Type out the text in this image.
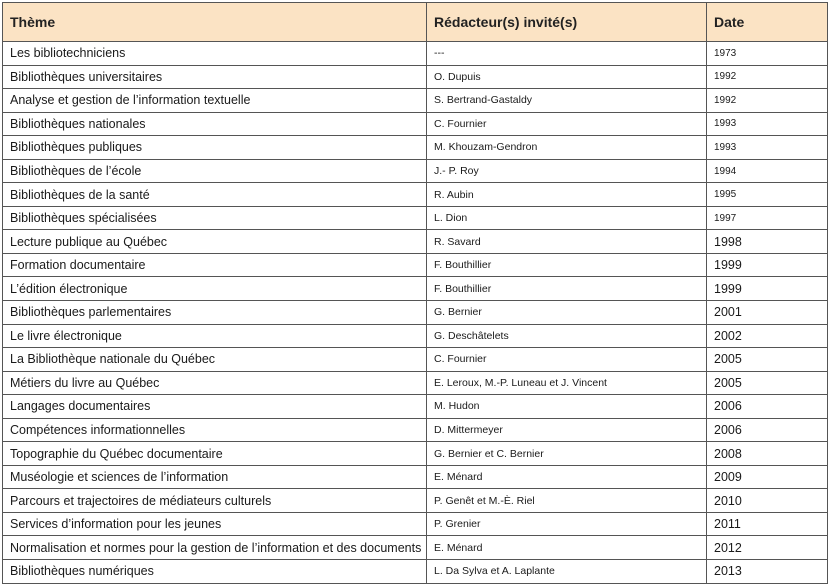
Thème	Rédacteur(s) invité(s)	Date
Les bibliotechniciens	---	1973
Bibliothèques universitaires	O. Dupuis	1992
Analyse et gestion de l’information textuelle	S. Bertrand-Gastaldy	1992
Bibliothèques nationales	C. Fournier	1993
Bibliothèques publiques	M. Khouzam-Gendron	1993
Bibliothèques de l’école	J.- P. Roy	1994
Bibliothèques de la santé	R. Aubin	1995
Bibliothèques spécialisées	L. Dion	1997
Lecture publique au Québec	R. Savard	1998
Formation documentaire	F. Bouthillier	1999
L’édition électronique	F. Bouthillier	1999
Bibliothèques parlementaires	G. Bernier	2001
Le livre électronique	G. Deschâtelets	2002
La Bibliothèque nationale du Québec	C. Fournier	2005
Métiers du livre au Québec	E. Leroux, M.-P. Luneau et J. Vincent	2005
Langages documentaires	M. Hudon	2006
Compétences informationnelles	D. Mittermeyer	2006
Topographie du Québec documentaire	G. Bernier et C. Bernier	2008
Muséologie et sciences de l’information	E. Ménard	2009
Parcours et trajectoires de médiateurs culturels	P. Genêt et M.-È. Riel	2010
Services d’information pour les jeunes	P. Grenier	2011
Normalisation et normes pour la gestion de l’information et des documents	E. Ménard	2012
Bibliothèques numériques	L. Da Sylva et A. Laplante	2013
